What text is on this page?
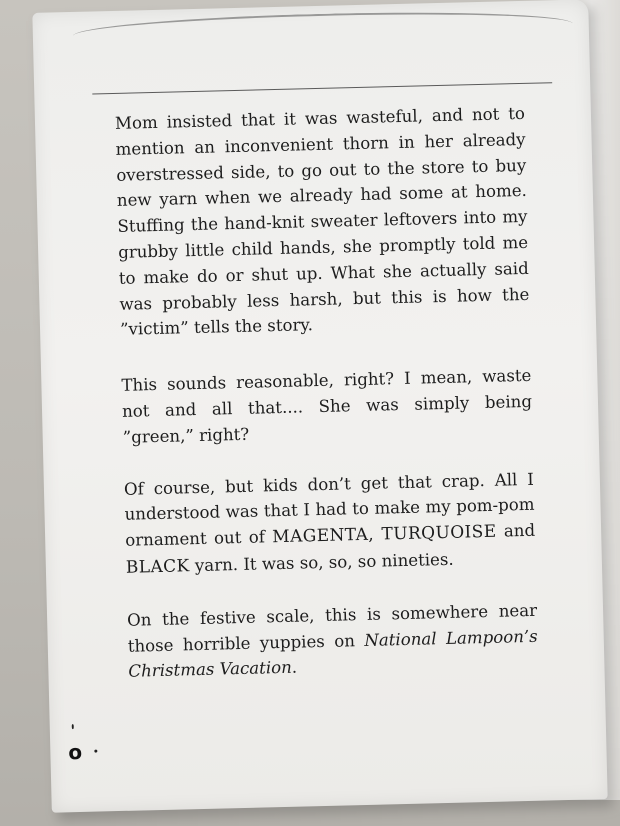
Mom insisted that it was wasteful, and not to mention an inconvenient thorn in her already overstressed side, to go out to the store to buy new yarn when we already had some at home. Stuffing the hand-knit sweater leftovers into my grubby little child hands, she promptly told me to make do or shut up. What she actually said was probably less harsh, but this is how the ”victim” tells the story.

This sounds reasonable, right? I mean, waste not and all that.... She was simply being ”green,” right?

Of course, but kids don’t get that crap. All I understood was that I had to make my pom-pom ornament out of MAGENTA, TURQUOISE and BLACK yarn. It was so, so, so nineties.

On the festive scale, this is somewhere near those horrible yuppies on National Lampoon’s Christmas Vacation.

o
